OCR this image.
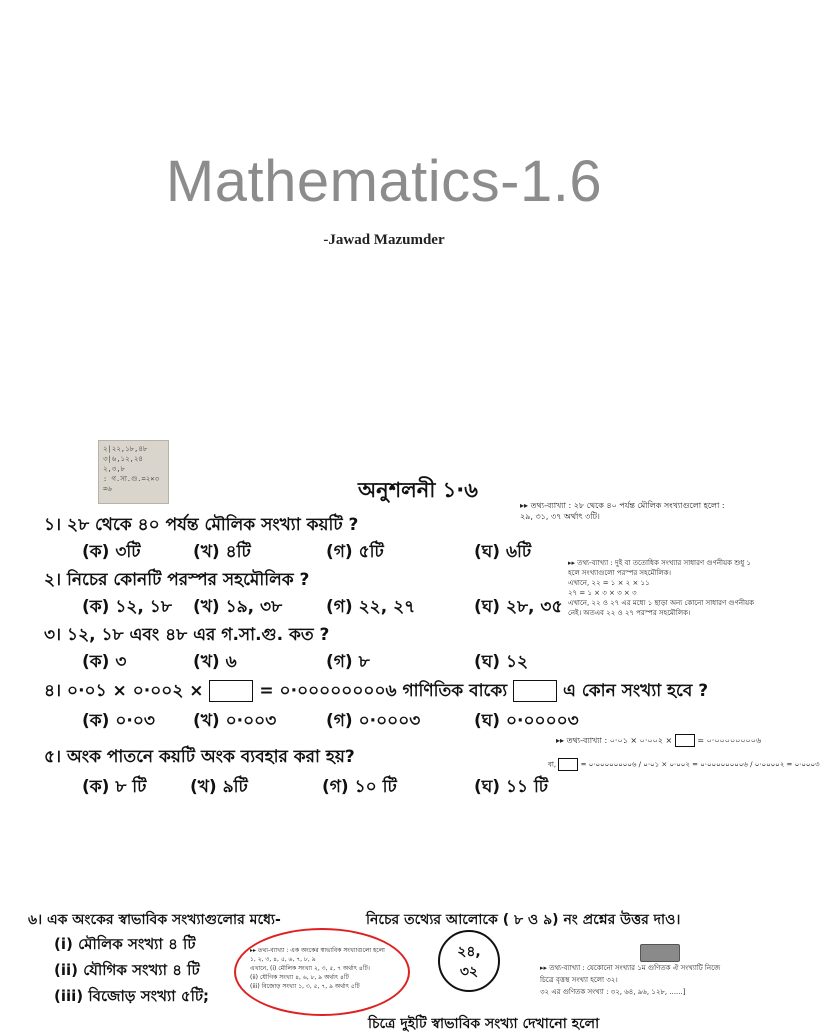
Mathematics-1.6
-Jawad Mazumder
২|২২,১৮,৪৮
৩|৬,১২,২৪
২,৩,৮
: গ.সা.গু.=২×৩
=৬	অনুশলনী ১·৬
▸▸ তথ্য-ব্যাখ্যা : ২৮ থেকে ৪০ পর্যন্ত মৌলিক সংখ্যাগুলো হলো :
২৯, ৩১, ৩৭ অর্থাৎ ৩টি।
১। ২৮ থেকে ৪০ পর্যন্ত মৌলিক সংখ্যা কয়টি ?
(ক) ৩টি	(খ) ৪টি	(গ) ৫টি	(ঘ) ৬টি
▸▸ তথ্য-ব্যাখ্যা : দুই বা ততোধিক সংখ্যার সাধারণ গুণনীয়ক শুধু ১
হলে সংখ্যাগুলো পরস্পর সহমৌলিক।
এখানে, ২২ = ১ × ২ × ১১
২৭ = ১ × ৩ × ৩ × ৩
এখানে, ২২ ও ২৭ এর মধ্যে ১ ছাড়া অন্য কোনো সাধারণ গুণনীয়ক
নেই। অতএব ২২ ও ২৭ পরস্পর সহমৌলিক।
২। নিচের কোনটি পরস্পর সহমৌলিক ?
(ক) ১২, ১৮ (খ) ১৯, ৩৮	(গ) ২২, ২৭	(ঘ) ২৮, ৩৫
৩। ১২, ১৮ এবং ৪৮ এর গ.সা.গু. কত ?
(ক) ৩	(খ) ৬	(গ) ৮	(ঘ) ১২
৪। ০·০১ × ০·০০২ ×	= ০·০০০০০০০০৬ গাণিতিক বাক্যে	এ কোন সংখ্যা হবে ?
(ক) ০·০৩ (খ) ০·০০৩	(গ) ০·০০০৩	(ঘ) ০·০০০০৩
▸▸ তথ্য-ব্যাখ্যা : ০·০১ × ০·০০২ ×	= ০·০০০০০০০০৬
বা,	= ০·০০০০০০০০৬ / ০·০১ × ০·০০২ = ০·০০০০০০০০৬ / ০·০০০০২ = ০·০০০৩
৫। অংক পাতনে কয়টি অংক ব্যবহার করা হয়?
(ক) ৮ টি	(খ) ৯টি	(গ) ১০ টি	(ঘ) ১১ টি
৬। এক অংকের স্বাভাবিক সংখ্যাগুলোর মধ্যে-
(i) মৌলিক সংখ্যা ৪ টি
(ii) যৌগিক সংখ্যা ৪ টি
(iii) বিজোড় সংখ্যা ৫টি;
▸▸ তথ্য-ব্যাখ্যা : এক অংকের স্বাভাবিক সংখ্যাগুলো হলো
১, ২, ৩, ৪, ৫, ৬, ৭, ৮, ৯
এখানে, (i) মৌলিক সংখ্যা ২, ৩, ৫, ৭ অর্থাৎ ৪টি।
(ii) যৌগিক সংখ্যা ৪, ৬, ৮, ৯ অর্থাৎ ৪টি
(iii) বিজোড় সংখ্যা ১, ৩, ৫, ৭, ৯ অর্থাৎ ৫টি
নিচের তথ্যের আলোকে ( ৮ ও ৯) নং প্রশ্নের উত্তর দাও।
২৪,
৩২	▸▸ তথ্য-ব্যাখ্যা : যেকোনো সংখ্যার ১ম গুণিতক ঐ সংখ্যাটি নিজে
চিত্রে বৃত্তস্থ সংখ্যা হলো ৩২।
৩২ এর গুণিতক সংখ্যা : ৩২, ৬৪, ৯৬, ১২৮, ......]
চিত্রে দুইটি স্বাভাবিক সংখ্যা দেখানো হলো
